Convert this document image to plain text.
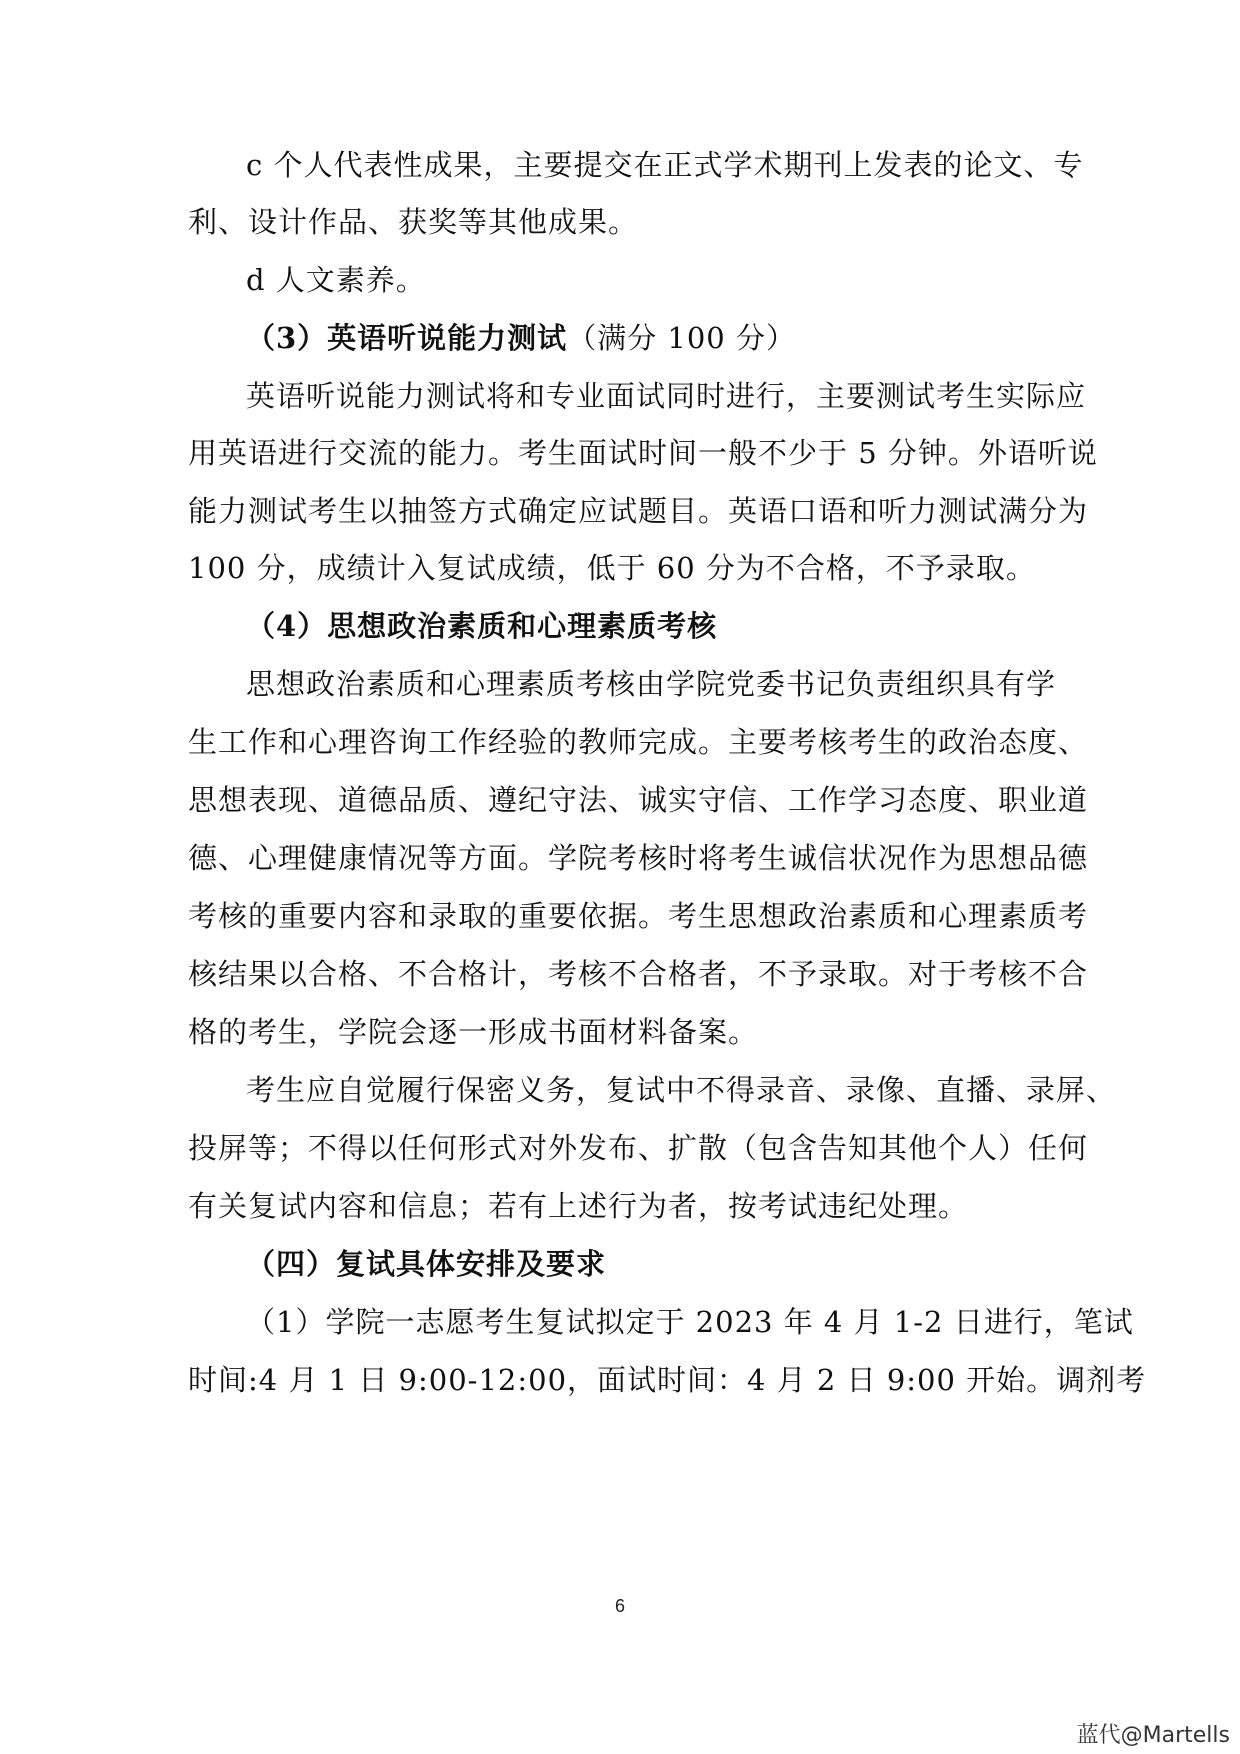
c 个人代表性成果，主要提交在正式学术期刊上发表的论文、专
利、设计作品、获奖等其他成果。
d 人文素养。
（3）英语听说能力测试（满分 100 分）
英语听说能力测试将和专业面试同时进行，主要测试考生实际应
用英语进行交流的能力。考生面试时间一般不少于 5 分钟。外语听说
能力测试考生以抽签方式确定应试题目。英语口语和听力测试满分为
100 分，成绩计入复试成绩，低于 60 分为不合格，不予录取。
（4）思想政治素质和心理素质考核
思想政治素质和心理素质考核由学院党委书记负责组织具有学
生工作和心理咨询工作经验的教师完成。主要考核考生的政治态度、
思想表现、道德品质、遵纪守法、诚实守信、工作学习态度、职业道
德、心理健康情况等方面。学院考核时将考生诚信状况作为思想品德
考核的重要内容和录取的重要依据。考生思想政治素质和心理素质考
核结果以合格、不合格计，考核不合格者，不予录取。对于考核不合
格的考生，学院会逐一形成书面材料备案。
考生应自觉履行保密义务，复试中不得录音、录像、直播、录屏、
投屏等；不得以任何形式对外发布、扩散（包含告知其他个人）任何
有关复试内容和信息；若有上述行为者，按考试违纪处理。
（四）复试具体安排及要求
（1）学院一志愿考生复试拟定于 2023 年 4 月 1-2 日进行，笔试
时间:4 月 1 日 9:00-12:00，面试时间：4 月 2 日 9:00 开始。调剂考
6
蓝代@Martells
